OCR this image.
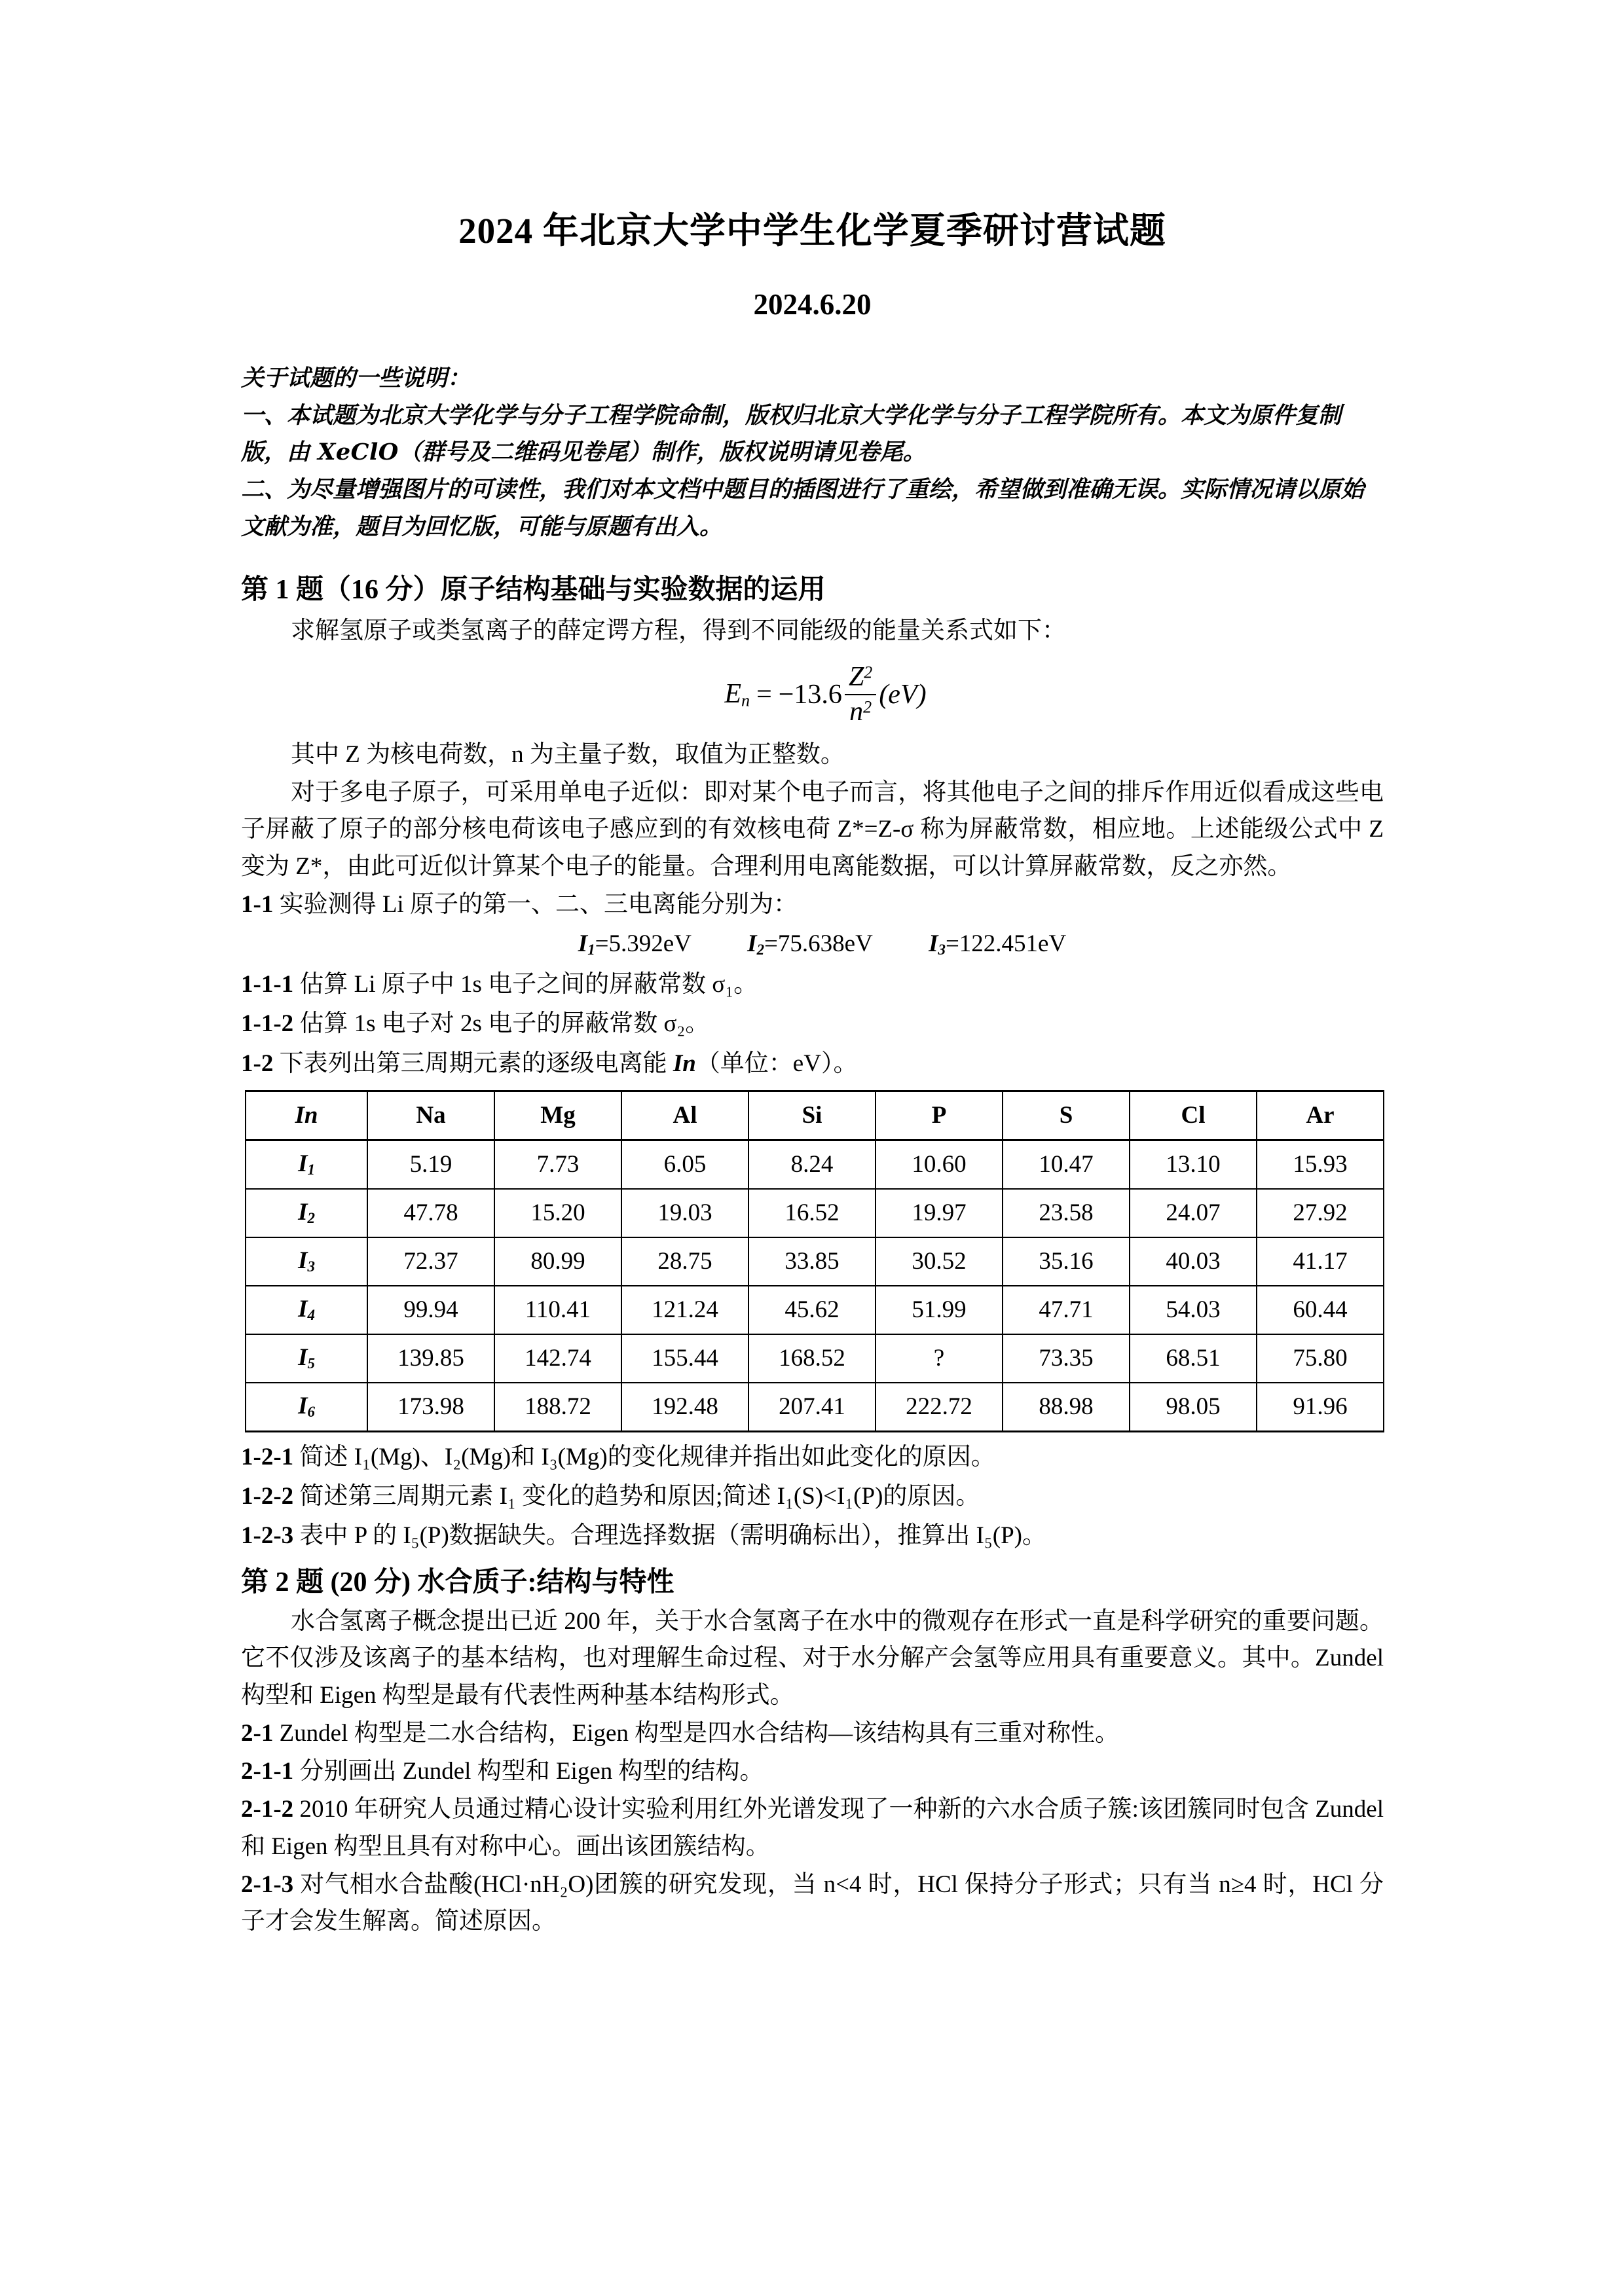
2024 年北京大学中学生化学夏季研讨营试题
2024.6.20
关于试题的一些说明：
一、本试题为北京大学化学与分子工程学院命制，版权归北京大学化学与分子工程学院所有。本文为原件复制版，由 XeClO（群号及二维码见卷尾）制作，版权说明请见卷尾。
二、为尽量增强图片的可读性，我们对本文档中题目的插图进行了重绘，希望做到准确无误。实际情况请以原始文献为准，题目为回忆版，可能与原题有出入。
第 1 题（16 分）原子结构基础与实验数据的运用

求解氢原子或类氢离子的薛定谔方程，得到不同能级的能量关系式如下：

$E_n = -13.6 \frac{Z^2}{n^2} (eV)$

其中 Z 为核电荷数，n 为主量子数，取值为正整数。

对于多电子原子，可采用单电子近似：即对某个电子而言，将其他电子之间的排斥作用近似看成这些电子屏蔽了原子的部分核电荷该电子感应到的有效核电荷 Z*=Z-σ 称为屏蔽常数，相应地。上述能级公式中 Z 变为 Z*，由此可近似计算某个电子的能量。合理利用电离能数据，可以计算屏蔽常数，反之亦然。

1-1 实验测得 Li 原子的第一、二、三电离能分别为：

$I_1=5.392eV$ $I_2=75.638eV$ $I_3=122.451eV$

1-1-1 估算 Li 原子中 1s 电子之间的屏蔽常数 σ₁。

1-1-2 估算 1s 电子对 2s 电子的屏蔽常数 σ₂。

1-2 下表列出第三周期元素的逐级电离能 In（单位：eV）。

In	Na	Mg	Al	Si	P	S	Cl	Ar
$I_1$	5.19	7.73	6.05	8.24	10.60	10.47	13.10	15.93
$I_2$	47.78	15.20	19.03	16.52	19.97	23.58	24.07	27.92
$I_3$	72.37	80.99	28.75	33.85	30.52	35.16	40.03	41.17
$I_4$	99.94	110.41	121.24	45.62	51.99	47.71	54.03	60.44
$I_5$	139.85	142.74	155.44	168.52	?	73.35	68.51	75.80
$I_6$	173.98	188.72	192.48	207.41	222.72	88.98	98.05	91.96

1-2-1 简述 I₁(Mg)、I₂(Mg)和 I₃(Mg)的变化规律并指出如此变化的原因。

1-2-2 简述第三周期元素 I₁ 变化的趋势和原因;简述 I₁(S)<I₁(P)的原因。

1-2-3 表中 P 的 I₅(P)数据缺失。合理选择数据（需明确标出），推算出 I₅(P)。

第 2 题 (20 分) 水合质子:结构与特性

水合氢离子概念提出已近 200 年，关于水合氢离子在水中的微观存在形式一直是科学研究的重要问题。它不仅涉及该离子的基本结构，也对理解生命过程、对于水分解产会氢等应用具有重要意义。其中。Zundel 构型和 Eigen 构型是最有代表性两种基本结构形式。

2-1 Zundel 构型是二水合结构，Eigen 构型是四水合结构—该结构具有三重对称性。

2-1-1 分别画出 Zundel 构型和 Eigen 构型的结构。

2-1-2 2010 年研究人员通过精心设计实验利用红外光谱发现了一种新的六水合质子簇:该团簇同时包含 Zundel 和 Eigen 构型且具有对称中心。画出该团簇结构。

2-1-3 对气相水合盐酸(HCl·nH₂O)团簇的研究发现，当 n<4 时，HCl 保持分子形式；只有当 n≥4 时，HCl 分子才会发生解离。简述原因。
